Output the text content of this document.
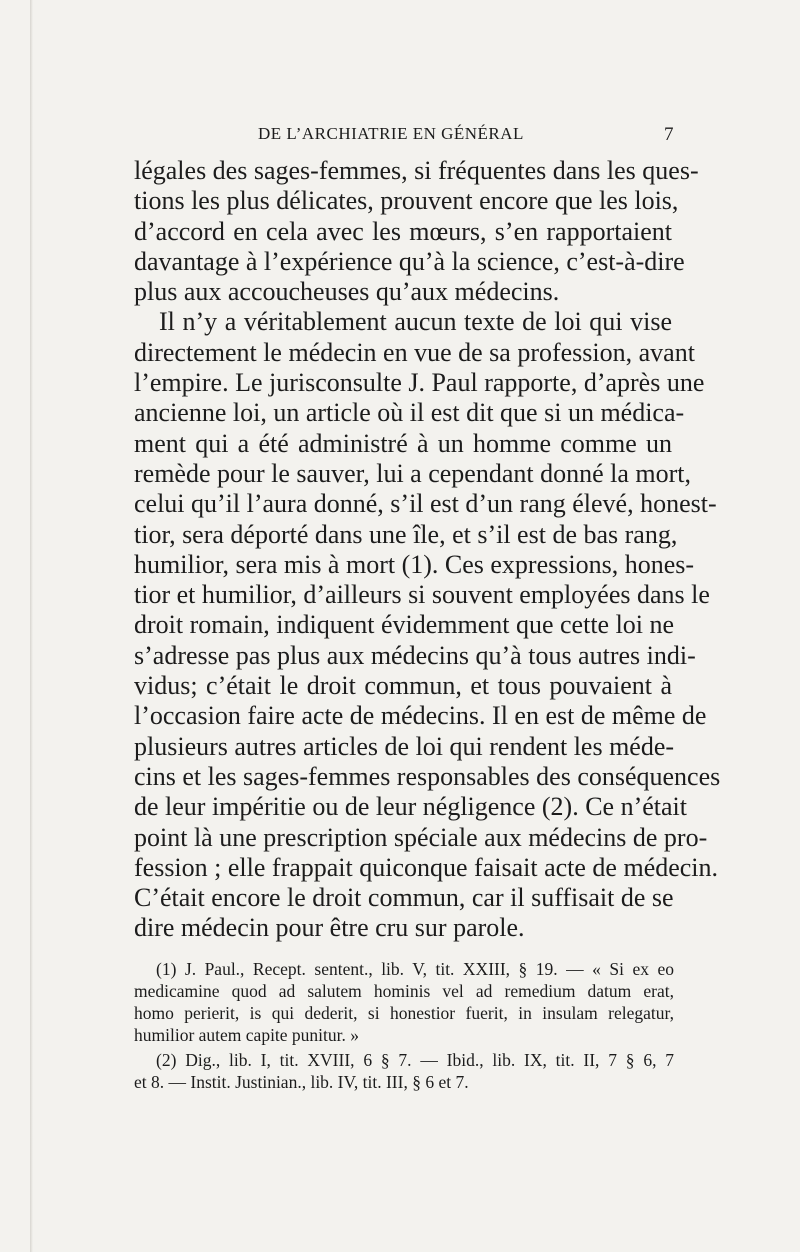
DE L’ARCHIATRIE EN GÉNÉRAL	7
légales des sages-femmes, si fréquentes dans les ques-
tions les plus délicates, prouvent encore que les lois,
d’accord en cela avec les mœurs, s’en rapportaient
davantage à l’expérience qu’à la science, c’est-à-dire
plus aux accoucheuses qu’aux médecins.
Il n’y a véritablement aucun texte de loi qui vise
directement le médecin en vue de sa profession, avant
l’empire. Le jurisconsulte J. Paul rapporte, d’après une
ancienne loi, un article où il est dit que si un médica-
ment qui a été administré à un homme comme un
remède pour le sauver, lui a cependant donné la mort,
celui qu’il l’aura donné, s’il est d’un rang élevé, honest-
tior, sera déporté dans une île, et s’il est de bas rang,
humilior, sera mis à mort (1). Ces expressions, hones-
tior et humilior, d’ailleurs si souvent employées dans le
droit romain, indiquent évidemment que cette loi ne
s’adresse pas plus aux médecins qu’à tous autres indi-
vidus; c’était le droit commun, et tous pouvaient à
l’occasion faire acte de médecins. Il en est de même de
plusieurs autres articles de loi qui rendent les méde-
cins et les sages-femmes responsables des conséquences
de leur impéritie ou de leur négligence (2). Ce n’était
point là une prescription spéciale aux médecins de pro-
fession ; elle frappait quiconque faisait acte de médecin.
C’était encore le droit commun, car il suffisait de se
dire médecin pour être cru sur parole.
(1) J. Paul., Recept. sentent., lib. V, tit. XXIII, § 19. — « Si ex eo
medicamine quod ad salutem hominis vel ad remedium datum erat,
homo perierit, is qui dederit, si honestior fuerit, in insulam relegatur,
humilior autem capite punitur. »
(2) Dig., lib. I, tit. XVIII, 6 § 7. — Ibid., lib. IX, tit. II, 7 § 6, 7
et 8. — Instit. Justinian., lib. IV, tit. III, § 6 et 7.
